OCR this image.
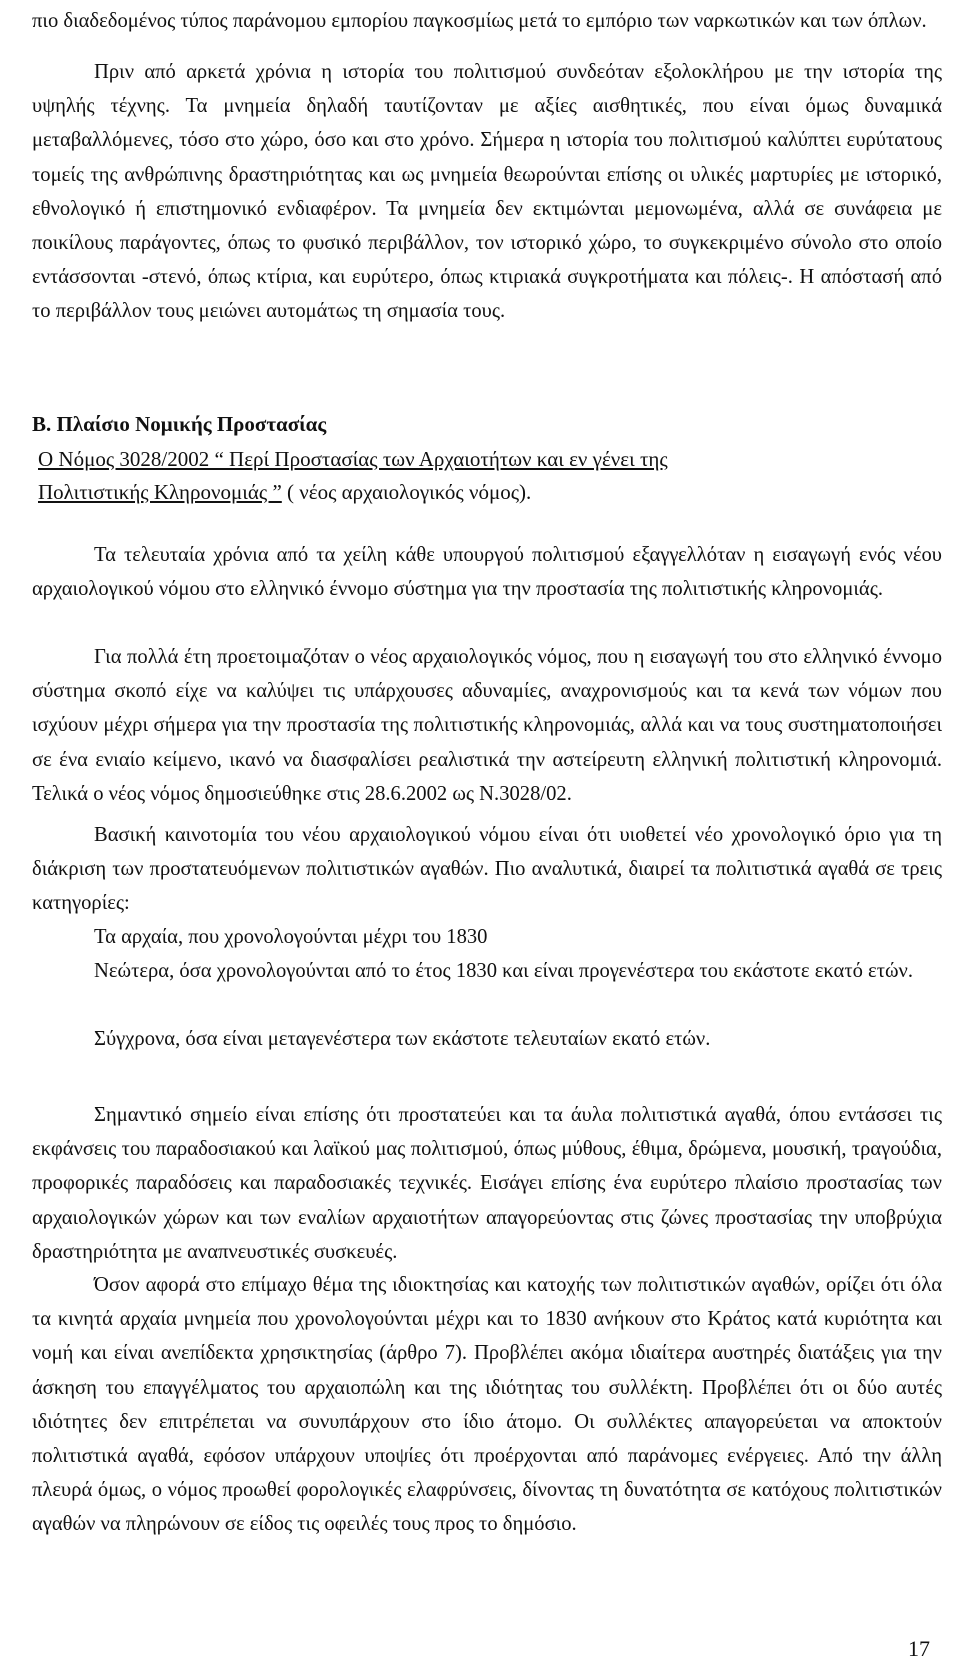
πιο διαδεδομένος τύπος παράνομου εμπορίου παγκοσμίως μετά το εμπόριο των ναρκωτικών και των όπλων.

Πριν από αρκετά χρόνια η ιστορία του πολιτισμού συνδεόταν εξολοκλήρου με την ιστορία της υψηλής τέχνης. Τα μνημεία δηλαδή ταυτίζονταν με αξίες αισθητικές, που είναι όμως δυναμικά μεταβαλλόμενες, τόσο στο χώρο, όσο και στο χρόνο. Σήμερα η ιστορία του πολιτισμού καλύπτει ευρύτατους τομείς της ανθρώπινης δραστηριότητας και ως μνημεία θεωρούνται επίσης οι υλικές μαρτυρίες με ιστορικό, εθνολογικό ή επιστημονικό ενδιαφέρον. Τα μνημεία δεν εκτιμώνται μεμονωμένα, αλλά σε συνάφεια με ποικίλους παράγοντες, όπως το φυσικό περιβάλλον, τον ιστορικό χώρο, το συγκεκριμένο σύνολο στο οποίο εντάσσονται -στενό, όπως κτίρια, και ευρύτερο, όπως κτιριακά συγκροτήματα και πόλεις-. Η απόστασή από το περιβάλλον τους μειώνει αυτομάτως τη σημασία τους.

Β. Πλαίσιο Νομικής Προστασίας

Ο Νόμος 3028/2002 “ Περί Προστασίας των Αρχαιοτήτων και εν γένει της

Πολιτιστικής Κληρονομιάς ” ( νέος αρχαιολογικός νόμος).

Τα τελευταία χρόνια από τα χείλη κάθε υπουργού πολιτισμού εξαγγελλόταν η εισαγωγή ενός νέου αρχαιολογικού νόμου στο ελληνικό έννομο σύστημα για την προστασία της πολιτιστικής κληρονομιάς.

Για πολλά έτη προετοιμαζόταν ο νέος αρχαιολογικός νόμος, που η εισαγωγή του στο ελληνικό έννομο σύστημα σκοπό είχε να καλύψει τις υπάρχουσες αδυναμίες, αναχρονισμούς και τα κενά των νόμων που ισχύουν μέχρι σήμερα για την προστασία της πολιτιστικής κληρονομιάς, αλλά και να τους συστηματοποιήσει σε ένα ενιαίο κείμενο, ικανό να διασφαλίσει ρεαλιστικά την αστείρευτη ελληνική πολιτιστική κληρονομιά. Τελικά ο νέος νόμος δημοσιεύθηκε στις 28.6.2002 ως Ν.3028/02.

Βασική καινοτομία του νέου αρχαιολογικού νόμου είναι ότι υιοθετεί νέο χρονολογικό όριο για τη διάκριση των προστατευόμενων πολιτιστικών αγαθών. Πιο αναλυτικά, διαιρεί τα πολιτιστικά αγαθά σε τρεις κατηγορίες:

Τα αρχαία, που χρονολογούνται μέχρι του 1830

Νεώτερα, όσα χρονολογούνται από το έτος 1830 και είναι προγενέστερα του εκάστοτε εκατό ετών.

Σύγχρονα, όσα είναι μεταγενέστερα των εκάστοτε τελευταίων εκατό ετών.

Σημαντικό σημείο είναι επίσης ότι προστατεύει και τα άυλα πολιτιστικά αγαθά, όπου εντάσσει τις εκφάνσεις του παραδοσιακού και λαϊκού μας πολιτισμού, όπως μύθους, έθιμα, δρώμενα, μουσική, τραγούδια, προφορικές παραδόσεις και παραδοσιακές τεχνικές. Εισάγει επίσης ένα ευρύτερο πλαίσιο προστασίας των αρχαιολογικών χώρων και των εναλίων αρχαιοτήτων απαγορεύοντας στις ζώνες προστασίας την υποβρύχια δραστηριότητα με αναπνευστικές συσκευές.

Όσον αφορά στο επίμαχο θέμα της ιδιοκτησίας και κατοχής των πολιτιστικών αγαθών, ορίζει ότι όλα τα κινητά αρχαία μνημεία που χρονολογούνται μέχρι και το 1830 ανήκουν στο Κράτος κατά κυριότητα και νομή και είναι ανεπίδεκτα χρησικτησίας (άρθρο 7). Προβλέπει ακόμα ιδιαίτερα αυστηρές διατάξεις για την άσκηση του επαγγέλματος του αρχαιοπώλη και της ιδιότητας του συλλέκτη. Προβλέπει ότι οι δύο αυτές ιδιότητες δεν επιτρέπεται να συνυπάρχουν στο ίδιο άτομο. Οι συλλέκτες απαγορεύεται να αποκτούν πολιτιστικά αγαθά, εφόσον υπάρχουν υποψίες ότι προέρχονται από παράνομες ενέργειες. Από την άλλη πλευρά όμως, ο νόμος προωθεί φορολογικές ελαφρύνσεις, δίνοντας τη δυνατότητα σε κατόχους πολιτιστικών αγαθών να πληρώνουν σε είδος τις οφειλές τους προς το δημόσιο.

17
